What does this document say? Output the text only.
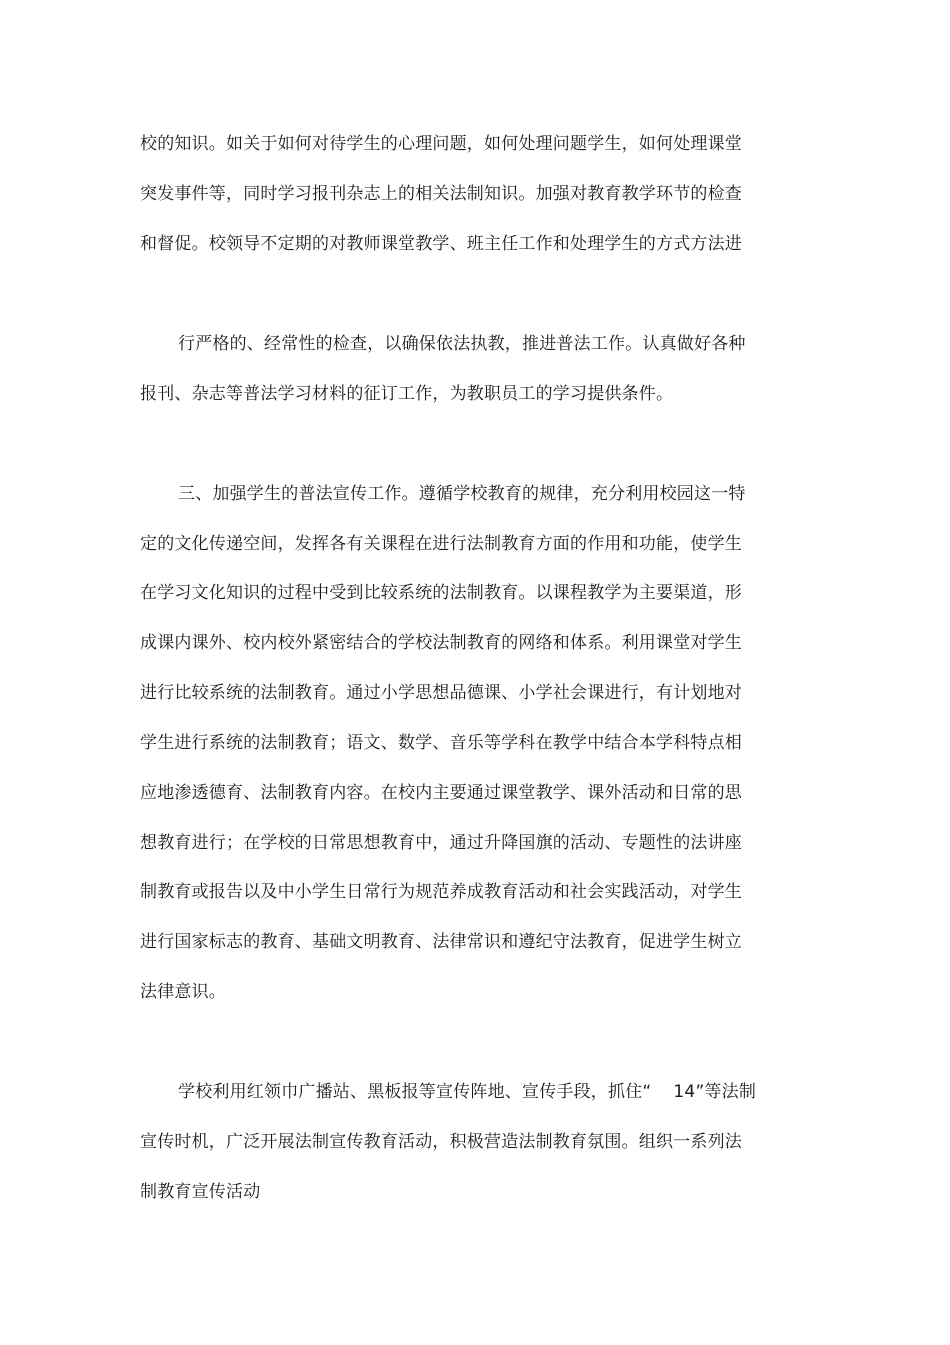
校的知识。如关于如何对待学生的心理问题，如何处理问题学生，如何处理课堂
突发事件等，同时学习报刊杂志上的相关法制知识。加强对教育教学环节的检查
和督促。校领导不定期的对教师课堂教学、班主任工作和处理学生的方式方法进
行严格的、经常性的检查，以确保依法执教，推进普法工作。认真做好各种
报刊、杂志等普法学习材料的征订工作，为教职员工的学习提供条件。
三、加强学生的普法宣传工作。遵循学校教育的规律，充分利用校园这一特
定的文化传递空间，发挥各有关课程在进行法制教育方面的作用和功能，使学生
在学习文化知识的过程中受到比较系统的法制教育。以课程教学为主要渠道，形
成课内课外、校内校外紧密结合的学校法制教育的网络和体系。利用课堂对学生
进行比较系统的法制教育。通过小学思想品德课、小学社会课进行，有计划地对
学生进行系统的法制教育；语文、数学、音乐等学科在教学中结合本学科特点相
应地渗透德育、法制教育内容。在校内主要通过课堂教学、课外活动和日常的思
想教育进行；在学校的日常思想教育中，通过升降国旗的活动、专题性的法讲座
制教育或报告以及中小学生日常行为规范养成教育活动和社会实践活动，对学生
进行国家标志的教育、基础文明教育、法律常识和遵纪守法教育，促进学生树立
法律意识。
学校利用红领巾广播站、黑板报等宣传阵地、宣传手段，抓住“ 14”等法制
宣传时机，广泛开展法制宣传教育活动，积极营造法制教育氛围。组织一系列法
制教育宣传活动
